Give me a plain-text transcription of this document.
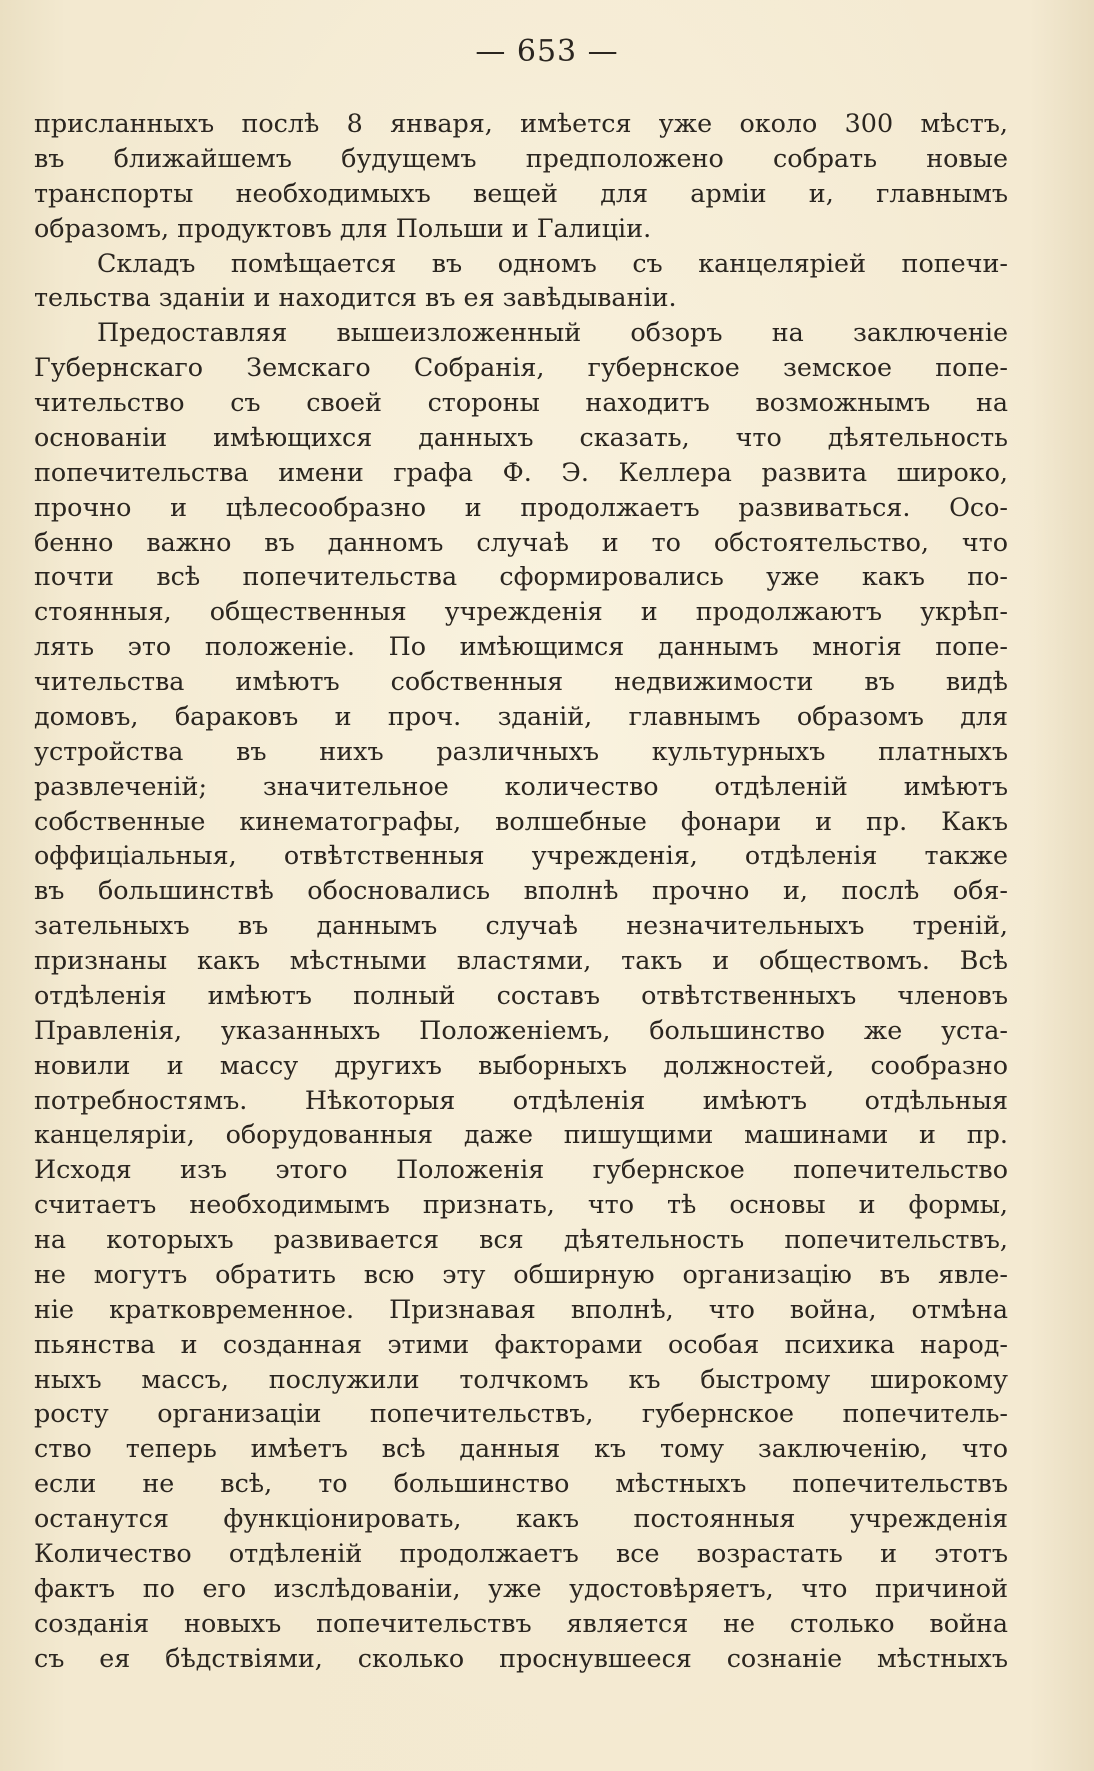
— 653 —
присланныхъ послѣ 8 января, имѣется уже около 300 мѣстъ,
въ ближайшемъ будущемъ предположено собрать новые
транспорты необходимыхъ вещей для арміи и, главнымъ
образомъ, продуктовъ для Польши и Галиціи.
Складъ помѣщается въ одномъ съ канцеляріей попечи-
тельства зданіи и находится въ ея завѣдываніи.
Предоставляя вышеизложенный обзоръ на заключеніе
Губернскаго Земскаго Собранія, губернское земское попе-
чительство съ своей стороны находитъ возможнымъ на
основаніи имѣющихся данныхъ сказать, что дѣятельность
попечительства имени графа Ф. Э. Келлера развита широко,
прочно и цѣлесообразно и продолжаетъ развиваться. Осо-
бенно важно въ данномъ случаѣ и то обстоятельство, что
почти всѣ попечительства сформировались уже какъ по-
стоянныя, общественныя учрежденія и продолжаютъ укрѣп-
лять это положеніе. По имѣющимся даннымъ многія попе-
чительства имѣютъ собственныя недвижимости въ видѣ
домовъ, бараковъ и проч. зданій, главнымъ образомъ для
устройства въ нихъ различныхъ культурныхъ платныхъ
развлеченій; значительное количество отдѣленій имѣютъ
собственные кинематографы, волшебные фонари и пр. Какъ
оффиціальныя, отвѣтственныя учрежденія, отдѣленія также
въ большинствѣ обосновались вполнѣ прочно и, послѣ обя-
зательныхъ въ даннымъ случаѣ незначительныхъ треній,
признаны какъ мѣстными властями, такъ и обществомъ. Всѣ
отдѣленія имѣютъ полный составъ отвѣтственныхъ членовъ
Правленія, указанныхъ Положеніемъ, большинство же уста-
новили и массу другихъ выборныхъ должностей, сообразно
потребностямъ. Нѣкоторыя отдѣленія имѣютъ отдѣльныя
канцеляріи, оборудованныя даже пишущими машинами и пр.
Исходя изъ этого Положенія губернское попечительство
считаетъ необходимымъ признать, что тѣ основы и формы,
на которыхъ развивается вся дѣятельность попечительствъ,
не могутъ обратить всю эту обширную организацію въ явле-
ніе кратковременное. Признавая вполнѣ, что война, отмѣна
пьянства и созданная этими факторами особая психика народ-
ныхъ массъ, послужили толчкомъ къ быстрому широкому
росту организаціи попечительствъ, губернское попечитель-
ство теперь имѣетъ всѣ данныя къ тому заключенію, что
если не всѣ, то большинство мѣстныхъ попечительствъ
останутся функціонировать, какъ постоянныя учрежденія
Количество отдѣленій продолжаетъ все возрастать и этотъ
фактъ по его изслѣдованіи, уже удостовѣряетъ, что причиной
созданія новыхъ попечительствъ является не столько война
съ ея бѣдствіями, сколько проснувшееся сознаніе мѣстныхъ
